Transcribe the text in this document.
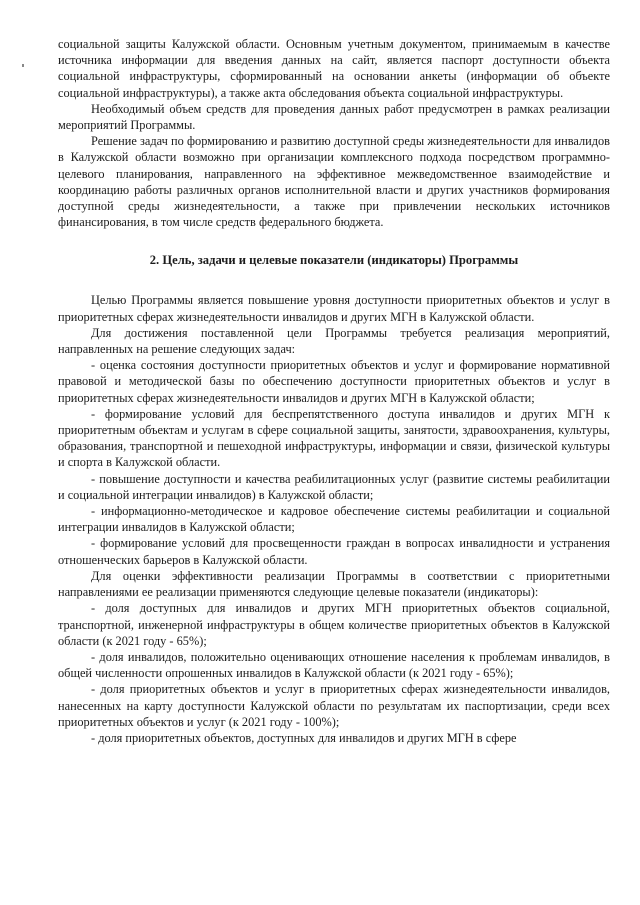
социальной защиты Калужской области. Основным учетным документом, принимаемым в качестве источника информации для введения данных на сайт, является паспорт доступности объекта социальной инфраструктуры, сформированный на основании анкеты (информации об объекте социальной инфраструктуры), а также акта обследования объекта социальной инфраструктуры.

Необходимый объем средств для проведения данных работ предусмотрен в рамках реализации мероприятий Программы.

Решение задач по формированию и развитию доступной среды жизнедеятельности для инвалидов в Калужской области возможно при организации комплексного подхода посредством программно-целевого планирования, направленного на эффективное межведомственное взаимодействие и координацию работы различных органов исполнительной власти и других участников формирования доступной среды жизнедеятельности, а также при привлечении нескольких источников финансирования, в том числе средств федерального бюджета.

2. Цель, задачи и целевые показатели (индикаторы) Программы

Целью Программы является повышение уровня доступности приоритетных объектов и услуг в приоритетных сферах жизнедеятельности инвалидов и других МГН в Калужской области.

Для достижения поставленной цели Программы требуется реализация мероприятий, направленных на решение следующих задач:

- оценка состояния доступности приоритетных объектов и услуг и формирование нормативной правовой и методической базы по обеспечению доступности приоритетных объектов и услуг в приоритетных сферах жизнедеятельности инвалидов и других МГН в Калужской области;

- формирование условий для беспрепятственного доступа инвалидов и других МГН к приоритетным объектам и услугам в сфере социальной защиты, занятости, здравоохранения, культуры, образования, транспортной и пешеходной инфраструктуры, информации и связи, физической культуры и спорта в Калужской области.

- повышение доступности и качества реабилитационных услуг (развитие системы реабилитации и социальной интеграции инвалидов) в Калужской области;

- информационно-методическое и кадровое обеспечение системы реабилитации и социальной интеграции инвалидов в Калужской области;

- формирование условий для просвещенности граждан в вопросах инвалидности и устранения отношенческих барьеров в Калужской области.

Для оценки эффективности реализации Программы в соответствии с приоритетными направлениями ее реализации применяются следующие целевые показатели (индикаторы):

- доля доступных для инвалидов и других МГН приоритетных объектов социальной, транспортной, инженерной инфраструктуры в общем количестве приоритетных объектов в Калужской области (к 2021 году - 65%);

- доля инвалидов, положительно оценивающих отношение населения к проблемам инвалидов, в общей численности опрошенных инвалидов в Калужской области (к 2021 году - 65%);

- доля приоритетных объектов и услуг в приоритетных сферах жизнедеятельности инвалидов, нанесенных на карту доступности Калужской области по результатам их паспортизации, среди всех приоритетных объектов и услуг (к 2021 году - 100%);

- доля приоритетных объектов, доступных для инвалидов и других МГН в сфере
